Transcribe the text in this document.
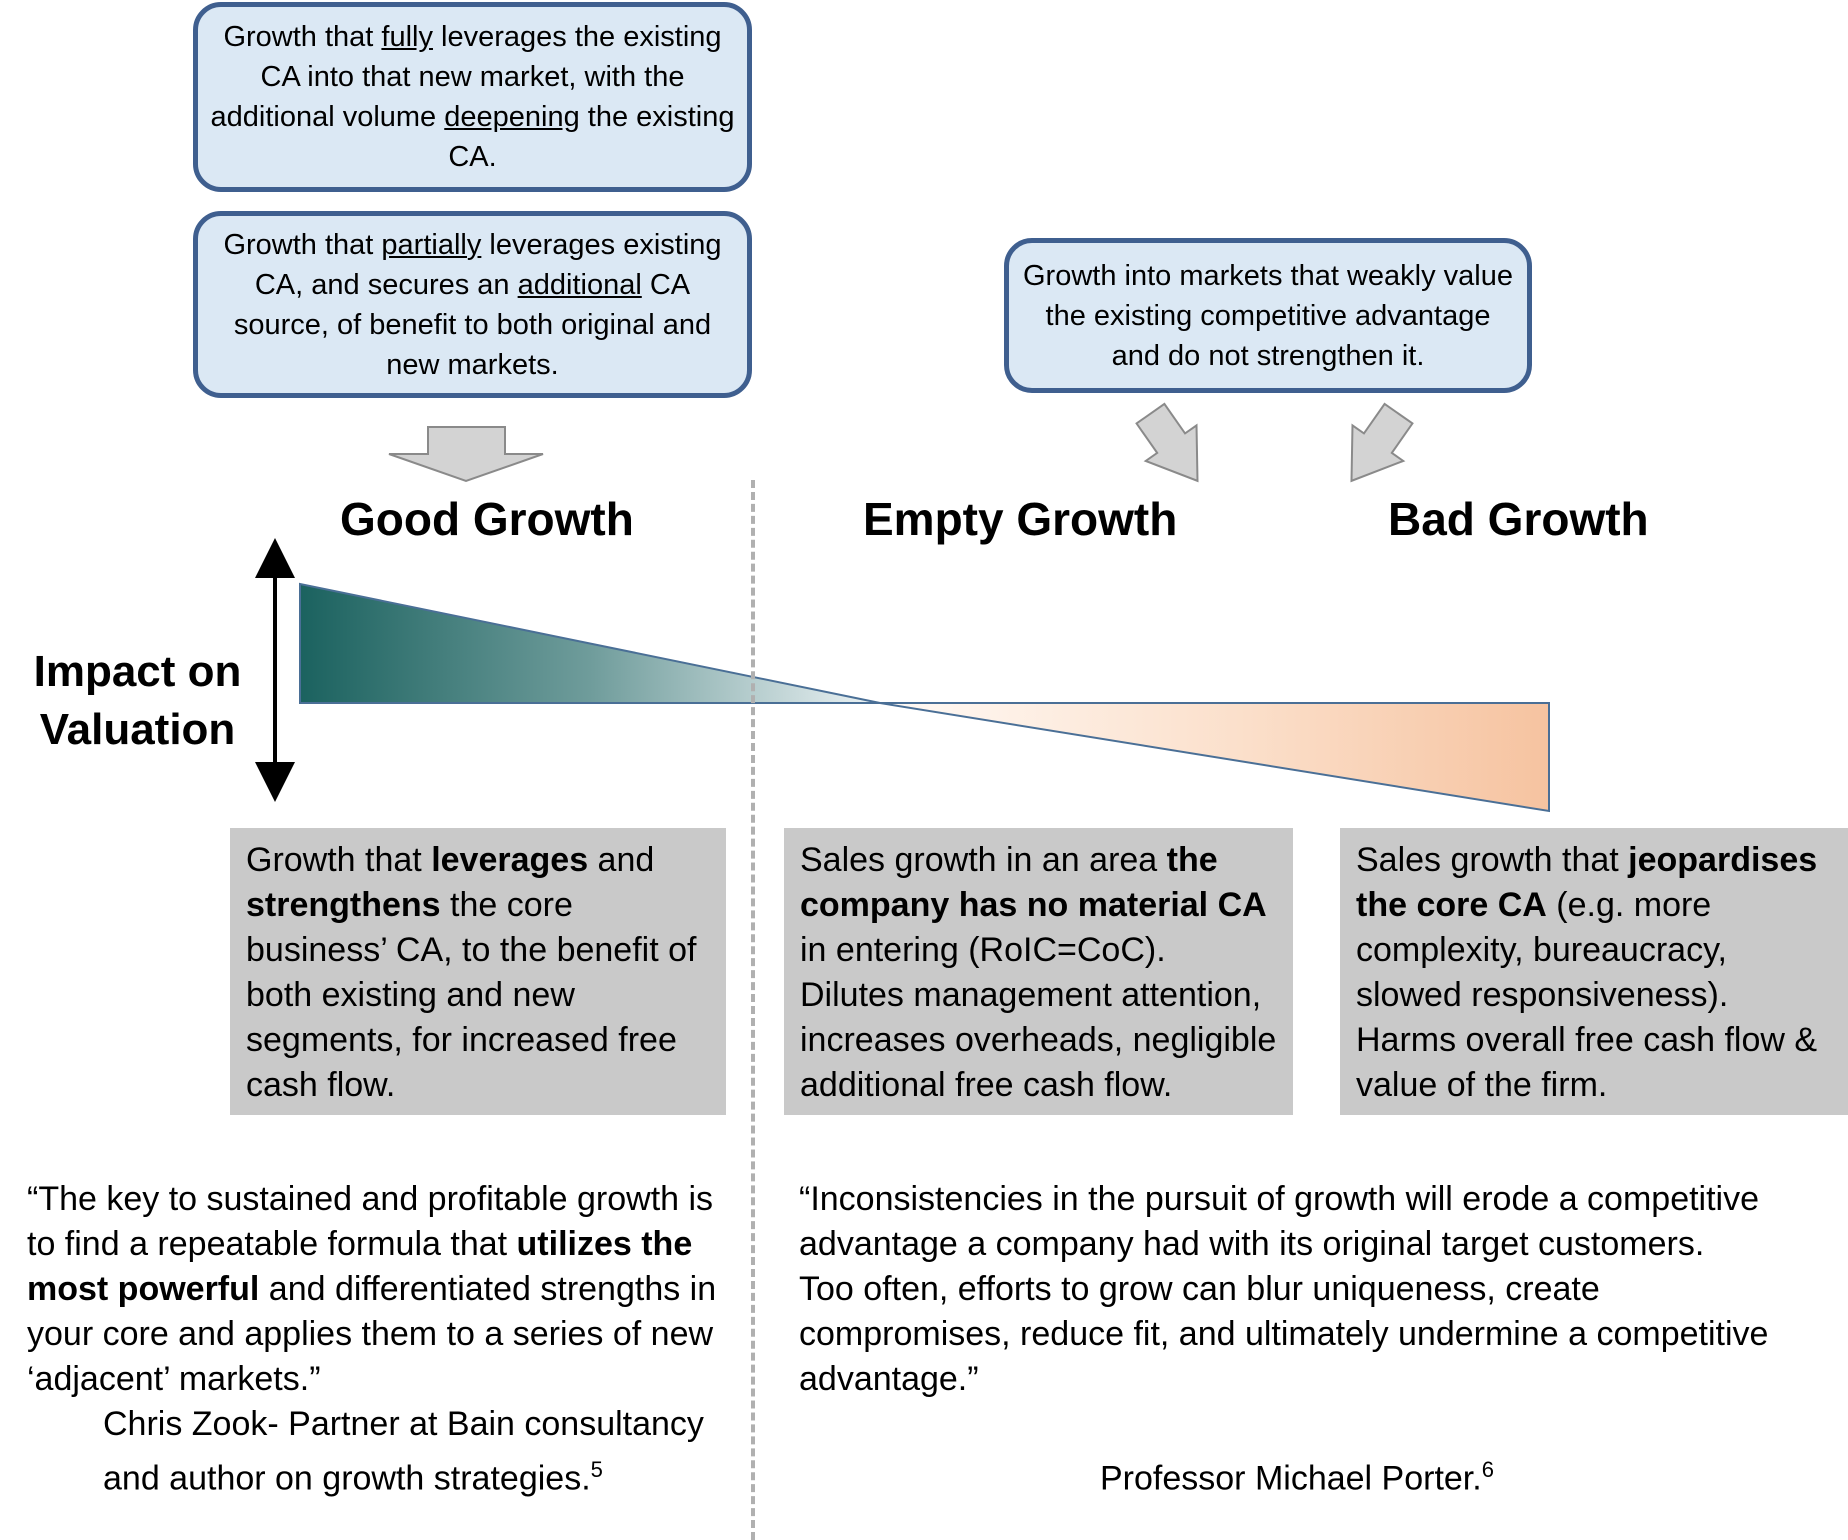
Growth that fully leverages the existing CA into that new market, with the additional volume deepening the existing CA.
Growth that partially leverages existing CA, and secures an additional CA source, of benefit to both original and new markets.
Growth into markets that weakly value the existing competitive advantage and do not strengthen it.
Good Growth	Empty Growth	Bad Growth
Impact on
Valuation
Growth that leverages and strengthens the core business’ CA, to the benefit of both existing and new segments, for increased free cash flow.
Sales growth in an area the company has no material CA in entering (RoIC=CoC). Dilutes management attention, increases overheads, negligible additional free cash flow.
Sales growth that jeopardises the core CA (e.g. more complexity, bureaucracy, slowed responsiveness). Harms overall free cash flow & value of the firm.
“The key to sustained and profitable growth is to find a repeatable formula that utilizes the most powerful and differentiated strengths in your core and applies them to a series of new ‘adjacent’ markets.”
Chris Zook- Partner at Bain consultancy
and author on growth strategies.$^5$
“Inconsistencies in the pursuit of growth will erode a competitive advantage a company had with its original target customers.
Too often, efforts to grow can blur uniqueness, create compromises, reduce fit, and ultimately undermine a competitive advantage.”
Professor Michael Porter.$^6$
